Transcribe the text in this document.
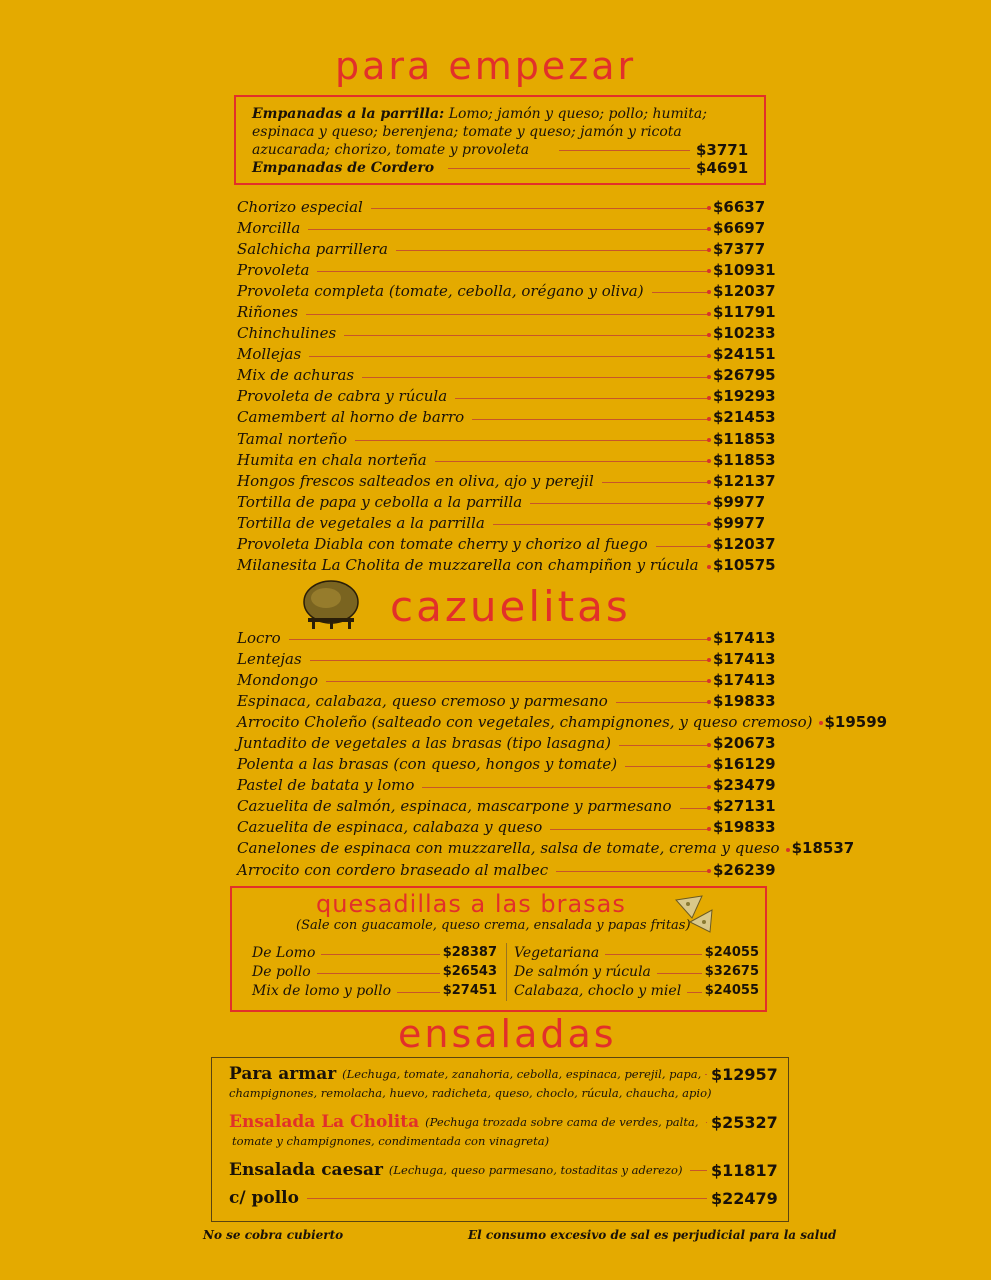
para empezar
Empanadas a la parrilla: Lomo; jamón y queso; pollo; humita;
espinaca y queso; berenjena; tomate y queso; jamón y ricota
azucarada; chorizo, tomate y provoleta	$3771
Empanadas de Cordero	$4691
Chorizo especial	$6637
Morcilla	$6697
Salchicha parrillera	$7377
Provoleta	$10931
Provoleta completa (tomate, cebolla, orégano y oliva)	$12037
Riñones	$11791
Chinchulines	$10233
Mollejas	$24151
Mix de achuras	$26795
Provoleta de cabra y rúcula	$19293
Camembert al horno de barro	$21453
Tamal norteño	$11853
Humita en chala norteña	$11853
Hongos frescos salteados en oliva, ajo y perejil	$12137
Tortilla de papa y cebolla a la parrilla	$9977
Tortilla de vegetales a la parrilla	$9977
Provoleta Diabla con tomate cherry y chorizo al fuego	$12037
Milanesita La Cholita de muzzarella con champiñon y rúcula $10575
cazuelitas
Locro	$17413
Lentejas	$17413
Mondongo	$17413
Espinaca, calabaza, queso cremoso y parmesano	$19833
Arrocito Choleño (salteado con vegetales, champignones, y queso cremoso) $19599
Juntadito de vegetales a las brasas (tipo lasagna)	$20673
Polenta a las brasas (con queso, hongos y tomate)	$16129
Pastel de batata y lomo	$23479
Cazuelita de salmón, espinaca, mascarpone y parmesano	$27131
Cazuelita de espinaca, calabaza y queso	$19833
Canelones de espinaca con muzzarella, salsa de tomate, crema y queso $18537
Arrocito con cordero braseado al malbec	$26239
quesadillas a las brasas
(Sale con guacamole, queso crema, ensalada y papas fritas)
De Lomo	$28387
De pollo	$26543
Mix de lomo y pollo	$27451
Vegetariana	$24055
De salmón y rúcula	$32675
Calabaza, choclo y miel $24055
ensaladas
Para armar (Lechuga, tomate, zanahoria, cebolla, espinaca, perejil, papa, $12957
champignones, remolacha, huevo, radicheta, queso, choclo, rúcula, chaucha, apio)
Ensalada La Cholita (Pechuga trozada sobre cama de verdes, palta, $25327
tomate y champignones, condimentada con vinagreta)
Ensalada caesar (Lechuga, queso parmesano, tostaditas y aderezo) $11817
c/ pollo	$22479
No se cobra cubierto	El consumo excesivo de sal es perjudicial para la salud
